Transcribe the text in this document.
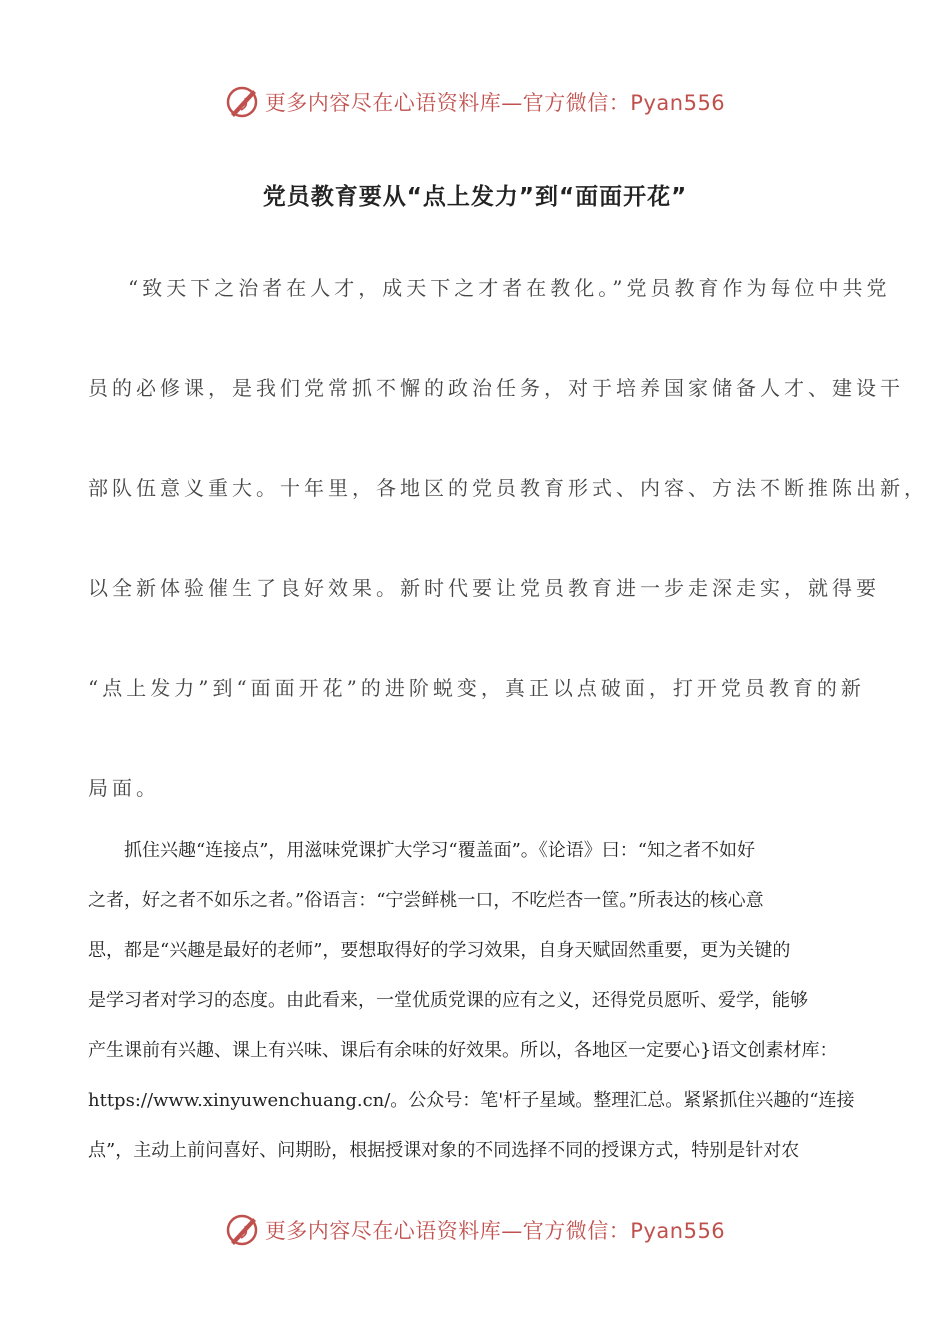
更多内容尽在心语资料库—官方微信：Pyan556
党员教育要从“点上发力”到“面面开花”
“致天下之治者在人才，成天下之才者在教化。”党员教育作为每位中共党
员的必修课，是我们党常抓不懈的政治任务，对于培养国家储备人才、建设干
部队伍意义重大。十年里，各地区的党员教育形式、内容、方法不断推陈出新，
以全新体验催生了良好效果。新时代要让党员教育进一步走深走实，就得要
“点上发力”到“面面开花”的进阶蜕变，真正以点破面，打开党员教育的新
局面。
抓住兴趣“连接点”，用滋味党课扩大学习“覆盖面”。《论语》曰：“知之者不如好
之者，好之者不如乐之者。”俗语言：“宁尝鲜桃一口，不吃烂杏一筐。”所表达的核心意
思，都是“兴趣是最好的老师”，要想取得好的学习效果，自身天赋固然重要，更为关键的
是学习者对学习的态度。由此看来，一堂优质党课的应有之义，还得党员愿听、爱学，能够
产生课前有兴趣、课上有兴味、课后有余味的好效果。所以，各地区一定要心}语文创素材库：
https://www.xinyuwenchuang.cn/。公众号：笔'杆子星域。整理汇总。紧紧抓住兴趣的“连接
点”，主动上前问喜好、问期盼，根据授课对象的不同选择不同的授课方式，特别是针对农
更多内容尽在心语资料库—官方微信：Pyan556
